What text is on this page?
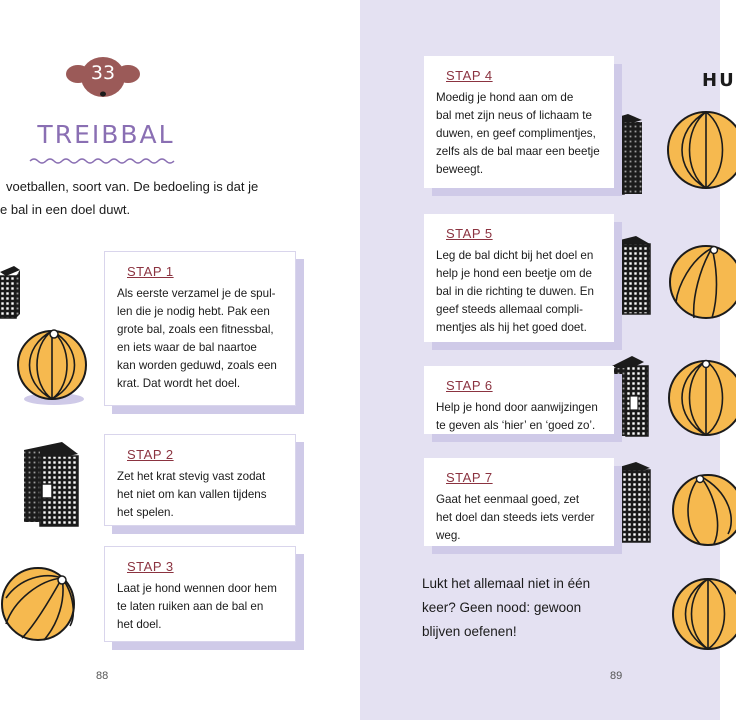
33
TREIBBAL
voetballen, soort van. De bedoeling is dat je
e bal in een doel duwt.
STAP 1
Als eerste verzamel je de spul-
len die je nodig hebt. Pak een
grote bal, zoals een fitnessbal,
en iets waar de bal naartoe
kan worden geduwd, zoals een
krat. Dat wordt het doel.
STAP 2
Zet het krat stevig vast zodat
het niet om kan vallen tijdens
het spelen.
STAP 3
Laat je hond wennen door hem
te laten ruiken aan de bal en
het doel.
88
HU
STAP 4
Moedig je hond aan om de
bal met zijn neus of lichaam te
duwen, en geef complimentjes,
zelfs als de bal maar een beetje
beweegt.
STAP 5
Leg de bal dicht bij het doel en
help je hond een beetje om de
bal in die richting te duwen. En
geef steeds allemaal compli-
mentjes als hij het goed doet.
STAP 6
Help je hond door aanwijzingen
te geven als ‘hier’ en ‘goed zo’.
STAP 7
Gaat het eenmaal goed, zet
het doel dan steeds iets verder
weg.
Lukt het allemaal niet in één
keer? Geen nood: gewoon
blijven oefenen!
89
